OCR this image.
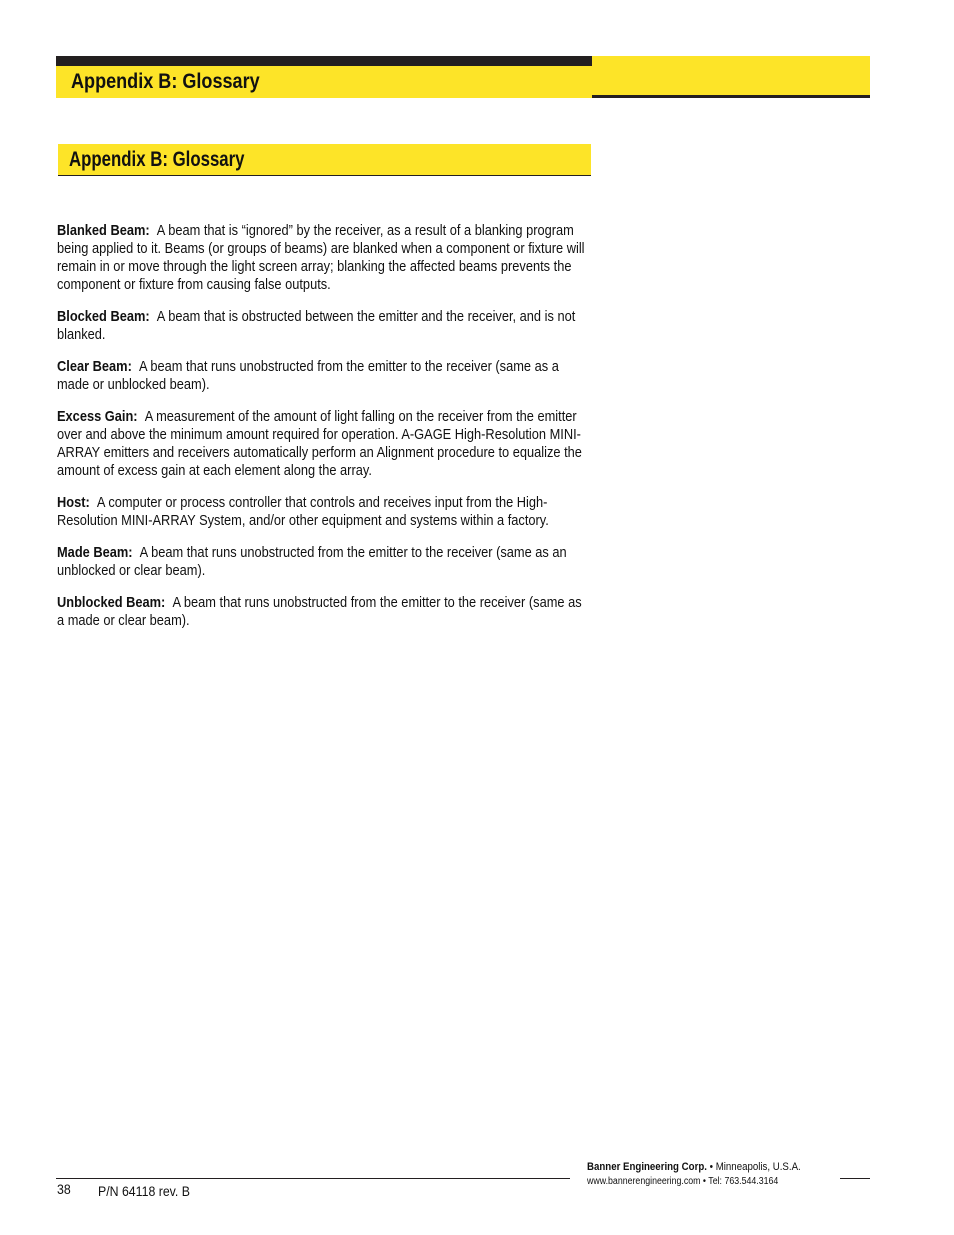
Appendix B: Glossary
Appendix B: Glossary

Blanked Beam: A beam that is “ignored” by the receiver, as a result of a blanking program being applied to it. Beams (or groups of beams) are blanked when a component or fixture will remain in or move through the light screen array; blanking the affected beams prevents the component or fixture from causing false outputs.

Blocked Beam: A beam that is obstructed between the emitter and the receiver, and is not blanked.

Clear Beam: A beam that runs unobstructed from the emitter to the receiver (same as a made or unblocked beam).

Excess Gain: A measurement of the amount of light falling on the receiver from the emitter over and above the minimum amount required for operation. A-GAGE High-Resolution MINI-ARRAY emitters and receivers automatically perform an Alignment procedure to equalize the amount of excess gain at each element along the array.

Host: A computer or process controller that controls and receives input from the High-Resolution MINI-ARRAY System, and/or other equipment and systems within a factory.

Made Beam: A beam that runs unobstructed from the emitter to the receiver (same as an unblocked or clear beam).

Unblocked Beam: A beam that runs unobstructed from the emitter to the receiver (same as a made or clear beam).

38 P/N 64118 rev. B
Banner Engineering Corp. • Minneapolis, U.S.A.
www.bannerengineering.com • Tel: 763.544.3164
